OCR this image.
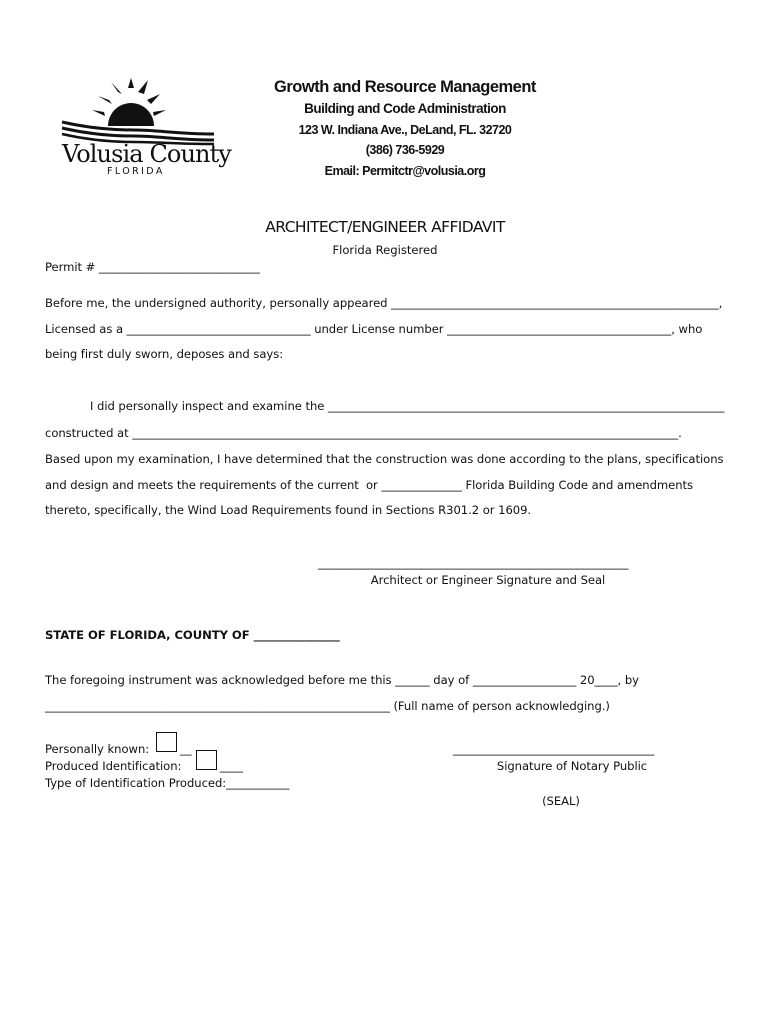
Volusia County
FLORIDA
Growth and Resource Management
Building and Code Administration
123 W. Indiana Ave., DeLand, FL. 32720
(386) 736-5929
Email: Permitctr@volusia.org
ARCHITECT/ENGINEER AFFIDAVIT
Florida Registered
Permit # ____________________________
Before me, the undersigned authority, personally appeared _________________________________________________________,
Licensed as a ________________________________ under License number _______________________________________, who
being first duly sworn, deposes and says:
I did personally inspect and examine the _____________________________________________________________________
constructed at _______________________________________________________________________________________________.
Based upon my examination, I have determined that the construction was done according to the plans, specifications
and design and meets the requirements of the current  or ______________ Florida Building Code and amendments
thereto, specifically, the Wind Load Requirements found in Sections R301.2 or 1609.
______________________________________________________
Architect or Engineer Signature and Seal
STATE OF FLORIDA, COUNTY OF _______________
The foregoing instrument was acknowledged before me this ______ day of __________________ 20____, by
____________________________________________________________ (Full name of person acknowledging.)
Personally known:	__
Produced Identification:	____
Type of Identification Produced:___________
___________________________________
Signature of Notary Public
(SEAL)
